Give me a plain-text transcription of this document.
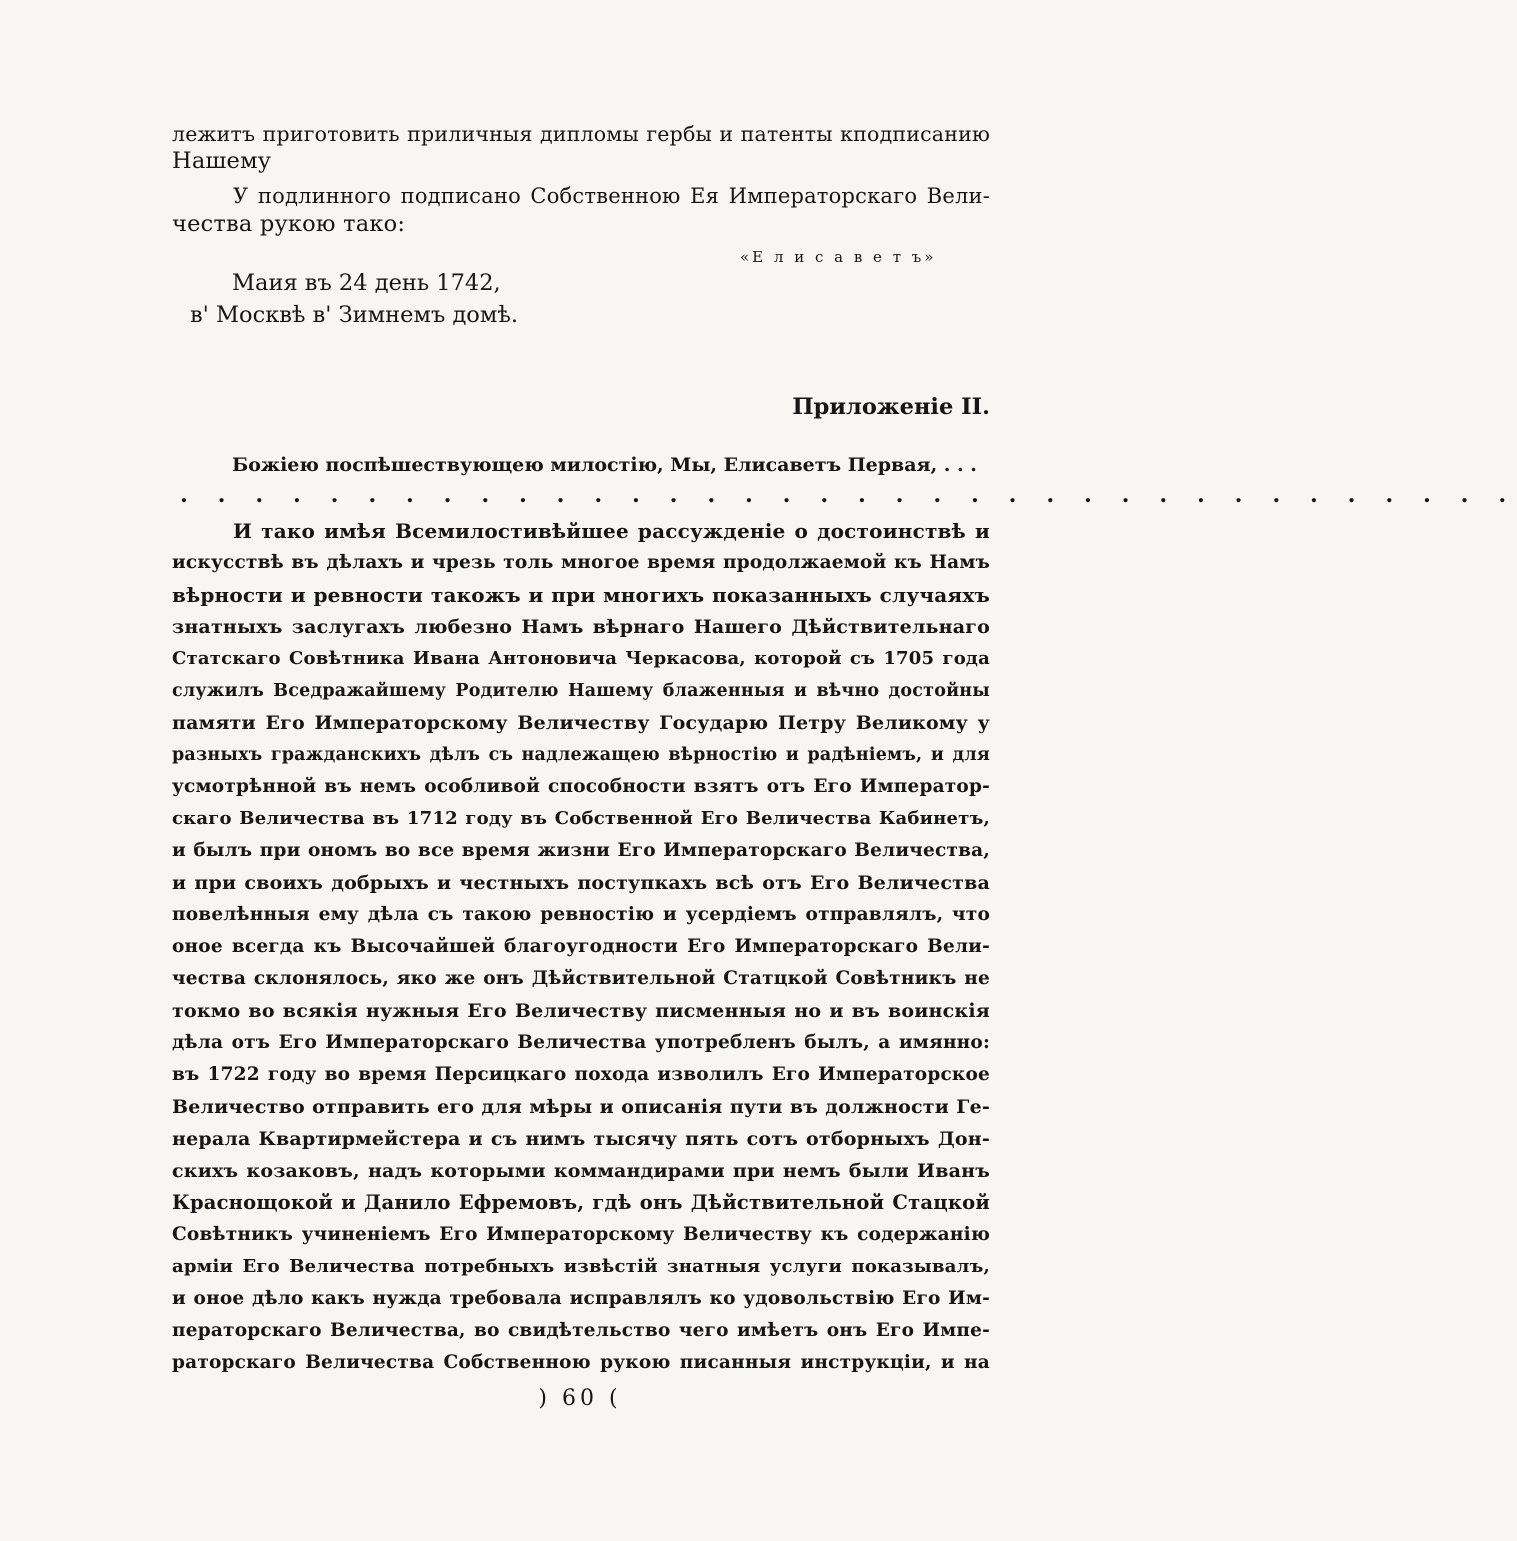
лежитъ приготовить приличныя дипломы гербы и патенты кподписанию
Нашему
У подлинного подписано Собственною Ея Императорскаго Вели-
чества рукою тако:
«Е л и с а в е т ъ»
Маия въ 24 день 1742,
в' Москвѣ в' Зимнемъ домѣ.
Приложеніе II.
Божіею поспѣшествующею милостію, Мы, Елисаветъ Первая, . . .
. . . . . . . . . . . . . . . . . . . . . . . . . . . . . . . . . . . .
И тако имѣя Всемилостивѣйшее рассужденіе о достоинствѣ и
искусствѣ въ дѣлахъ и чрезь толь многое время продолжаемой къ Намъ
вѣрности и ревности такожъ и при многихъ показанныхъ случаяхъ
знатныхъ заслугахъ любезно Намъ вѣрнаго Нашего Дѣйствительнаго
Статскаго Совѣтника Ивана Антоновича Черкасова, которой съ 1705 года
служилъ Вседражайшему Родителю Нашему блаженныя и вѣчно достойны
памяти Его Императорскому Величеству Государю Петру Великому у
разныхъ гражданскихъ дѣлъ съ надлежащею вѣрностію и радѣніемъ, и для
усмотрѣнной въ немъ особливой способности взятъ отъ Его Император-
скаго Величества въ 1712 году въ Собственной Его Величества Кабинетъ,
и былъ при ономъ во все время жизни Его Императорскаго Величества,
и при своихъ добрыхъ и честныхъ поступкахъ всѣ отъ Его Величества
повелѣнныя ему дѣла съ такою ревностію и усердіемъ отправлялъ, что
оное всегда къ Высочайшей благоугодности Его Императорскаго Вели-
чества склонялось, яко же онъ Дѣйствительной Статцкой Совѣтникъ не
токмо во всякія нужныя Его Величеству писменныя но и въ воинскія
дѣла отъ Его Императорскаго Величества употребленъ былъ, а имянно:
въ 1722 году во время Персицкаго похода изволилъ Его Императорское
Величество отправить его для мѣры и описанія пути въ должности Ге-
нерала Квартирмейстера и съ нимъ тысячу пять сотъ отборныхъ Дон-
скихъ козаковъ, надъ которыми коммандирами при немъ были Иванъ
Краснощокой и Данило Ефремовъ, гдѣ онъ Дѣйствительной Стацкой
Совѣтникъ учиненіемъ Его Императорскому Величеству къ содержанію
арміи Его Величества потребныхъ извѣстій знатныя услуги показывалъ,
и оное дѣло какъ нужда требовала исправлялъ ко удовольствію Его Им-
ператорскаго Величества, во свидѣтельство чего имѣетъ онъ Его Импе-
раторскаго Величества Собственною рукою писанныя инструкціи, и на
) 60 (
